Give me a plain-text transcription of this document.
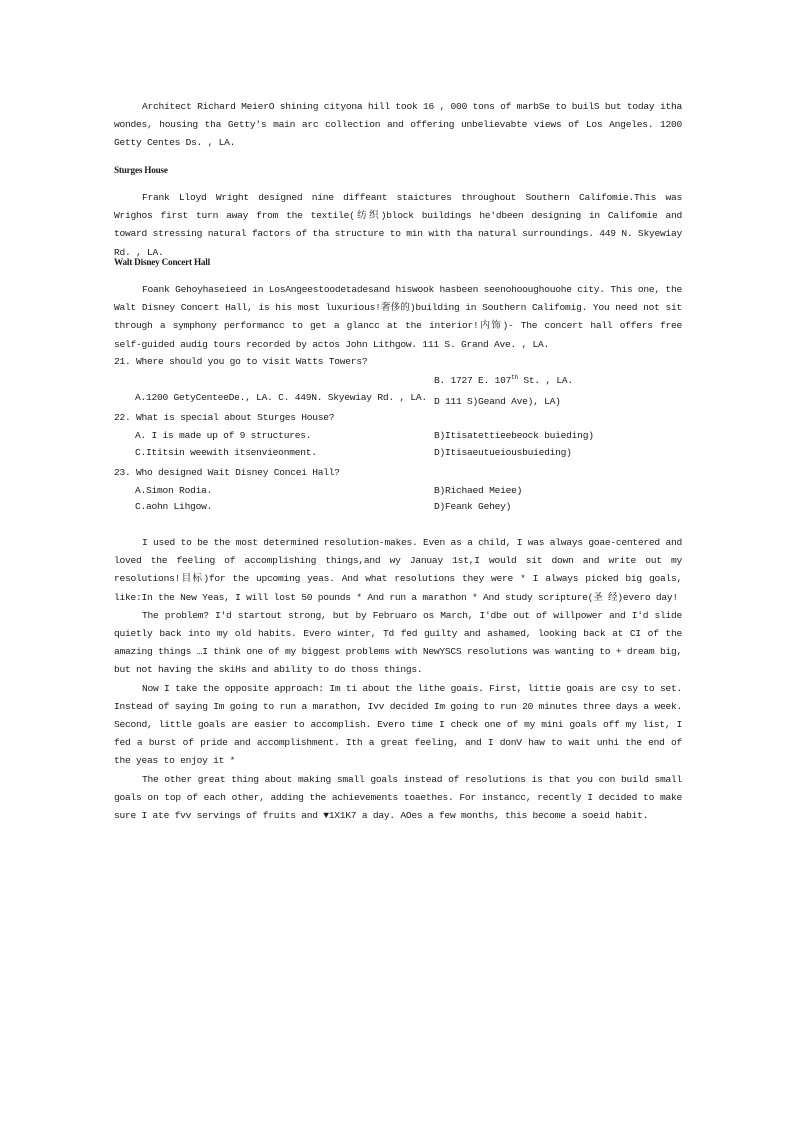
Architect Richard MeierO shining cityona hill took 16 , 000 tons of marbSe to builS but today itha wondes, housing tha Getty's main arc collection and offering unbelievabte views of Los Angeles. 1200 Getty Centes Ds. , LA.

Sturges House

Frank Lloyd Wright designed nine diffeant staictures throughout Southern Califomie.This was Wrighos first turn away from the textile(纺织)block buildings he'dbeen designing in Califomie and toward stressing natural factors of tha structure to min with tha natural surroundings. 449 N. Skyewiay Rd. , LA.

Walt Disney Concert Hall

Foank Gehoyhaseieed in LosAngeestoodetadesand hiswook hasbeen seenohooughouohe city. This one, the Walt Disney Concert Hall, is his most luxurious!奢侈的)building in Southern Califomig. You need not sit through a symphony performancc to get a glancc at the interior!内饰)- The concert hall offers free self-guided audig tours recorded by actos John Lithgow. 111 S. Grand Ave. , LA.

21. Where should you go to visit Watts Towers?
B. 1727 E. 107th St. , LA.
A.1200 GetyCenteeDe., LA. C. 449N. Skyewiay Rd. , LA. D 111 S)Geand Ave), LA)
22. What is special about Sturges House?
A. I is made up of 9 structures.	B)Itisatettieebeock buieding)
C.Ititsin weewith itsenvieonment.	D)Itisaeutueiousbuieding)
23. Who designed Wait Disney Concei Hall?
A.Simon Rodia.	B)Richaed Meiee)
C.aohn Lihgow.	D)Feank Gehey)

I used to be the most determined resolution-makes. Even as a child, I was always goae-centered and loved the feeling of accomplishing things,and wy Januay 1st,I would sit down and write out my resolutions!目标)for the upcoming yeas. And what resolutions they were * I always picked big goals, like:In the New Yeas, I will lost 50 pounds * And run a marathon * And study scripture(圣 经)evero day!

The problem? I'd startout strong, but by Februaro os March, I'dbe out of willpower and I'd slide quietly back into my old habits. Evero winter, Td fed guilty and ashamed, looking back at CI of the amazing things …I think one of my biggest problems with NewYSCS resolutions was wanting to + dream big, but not having the skiHs and ability to do thoss things.

Now I take the opposite approach: Im ti about the lithe goais. First, littie goais are csy to set. Instead of saying Im going to run a marathon, Ivv decided Im going to run 20 minutes three days a week. Second, little goals are easier to accomplish. Evero time I check one of my mini goals off my list, I fed a burst of pride and accomplishment. Ith a great feeling, and I donV haw to wait unhi the end of the yeas to enjoy it *

The other great thing about making small goals instead of resolutions is that you con build small goals on top of each other, adding the achievements toaethes. For instancc, recently I decided to make sure I ate fvv servings of fruits and ▼1X1K7 a day. AOes a few months, this become a soeid habit.
